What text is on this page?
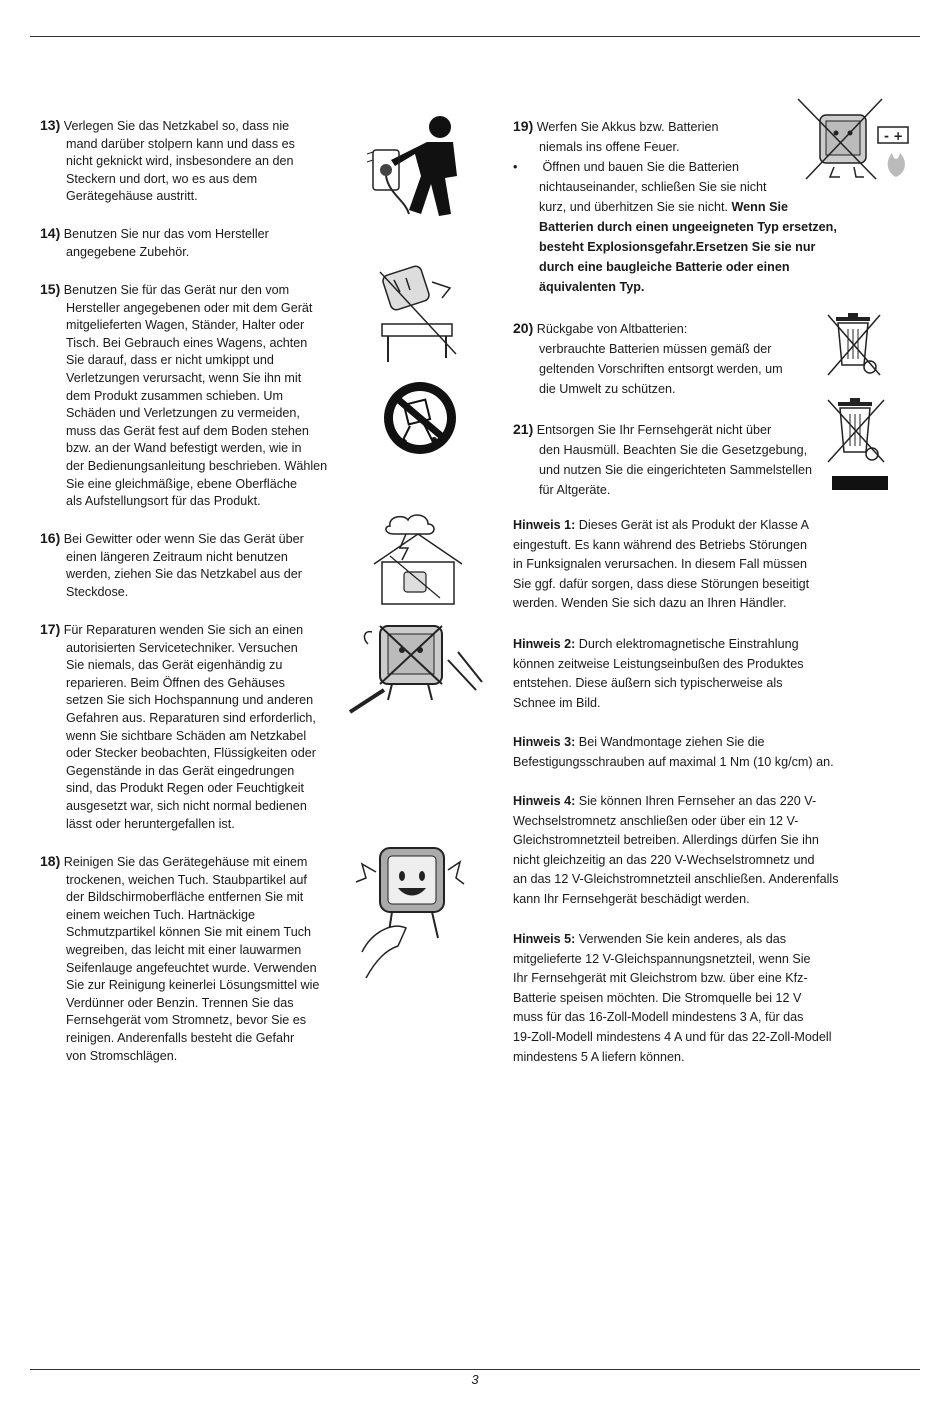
13) Verlegen Sie das Netzkabel so, dass nie

mand darüber stolpern kann und dass es

nicht geknickt wird, insbesondere an den

Steckern und dort, wo es aus dem

Gerätegehäuse austritt.

14) Benutzen Sie nur das vom Hersteller

angegebene Zubehör.

15) Benutzen Sie für das Gerät nur den vom

Hersteller angegebenen oder mit dem Gerät

mitgelieferten Wagen, Ständer, Halter oder

Tisch. Bei Gebrauch eines Wagens, achten

Sie darauf, dass er nicht umkippt und

Verletzungen verursacht, wenn Sie ihn mit

dem Produkt zusammen schieben. Um

Schäden und Verletzungen zu vermeiden,

muss das Gerät fest auf dem Boden stehen

bzw. an der Wand befestigt werden, wie in

der Bedienungsanleitung beschrieben. Wählen

Sie eine gleichmäßige, ebene Oberfläche

als Aufstellungsort für das Produkt.

16) Bei Gewitter oder wenn Sie das Gerät über

einen längeren Zeitraum nicht benutzen

werden, ziehen Sie das Netzkabel aus der

Steckdose.

17) Für Reparaturen wenden Sie sich an einen

autorisierten Servicetechniker. Versuchen

Sie niemals, das Gerät eigenhändig zu

reparieren. Beim Öffnen des Gehäuses

setzen Sie sich Hochspannung und anderen

Gefahren aus. Reparaturen sind erforderlich,

wenn Sie sichtbare Schäden am Netzkabel

oder Stecker beobachten, Flüssigkeiten oder

Gegenstände in das Gerät eingedrungen

sind, das Produkt Regen oder Feuchtigkeit

ausgesetzt war, sich nicht normal bedienen

lässt oder heruntergefallen ist.

18) Reinigen Sie das Gerätegehäuse mit einem

trockenen, weichen Tuch. Staubpartikel auf

der Bildschirmoberfläche entfernen Sie mit

einem weichen Tuch. Hartnäckige

Schmutzpartikel können Sie mit einem Tuch

wegreiben, das leicht mit einer lauwarmen

Seifenlauge angefeuchtet wurde. Verwenden

Sie zur Reinigung keinerlei Lösungsmittel wie

Verdünner oder Benzin. Trennen Sie das

Fernsehgerät vom Stromnetz, bevor Sie es

reinigen. Anderenfalls besteht die Gefahr

von Stromschlägen.

19) Werfen Sie Akkus bzw. Batterien

niemals ins offene Feuer.

• Öffnen und bauen Sie die Batterien

nichtauseinander, schließen Sie sie nicht

kurz, und überhitzen Sie sie nicht. Wenn Sie

Batterien durch einen ungeeigneten Typ ersetzen,

besteht Explosionsgefahr.Ersetzen Sie sie nur

durch eine baugleiche Batterie oder einen

äquivalenten Typ.

- +

20) Rückgabe von Altbatterien:

verbrauchte Batterien müssen gemäß der

geltenden Vorschriften entsorgt werden, um

die Umwelt zu schützen.

21) Entsorgen Sie Ihr Fernsehgerät nicht über

den Hausmüll. Beachten Sie die Gesetzgebung,

und nutzen Sie die eingerichteten Sammelstellen

für Altgeräte.

Hinweis 1: Dieses Gerät ist als Produkt der Klasse A
eingestuft. Es kann während des Betriebs Störungen
in Funksignalen verursachen. In diesem Fall müssen
Sie ggf. dafür sorgen, dass diese Störungen beseitigt
werden. Wenden Sie sich dazu an Ihren Händler.
Hinweis 2: Durch elektromagnetische Einstrahlung
können zeitweise Leistungseinbußen des Produktes
entstehen. Diese äußern sich typischerweise als
Schnee im Bild.
Hinweis 3: Bei Wandmontage ziehen Sie die
Befestigungsschrauben auf maximal 1 Nm (10 kg/cm) an.
Hinweis 4: Sie können Ihren Fernseher an das 220 V-
Wechselstromnetz anschließen oder über ein 12 V-
Gleichstromnetzteil betreiben. Allerdings dürfen Sie ihn
nicht gleichzeitig an das 220 V-Wechselstromnetz und
an das 12 V-Gleichstromnetzteil anschließen. Anderenfalls
kann Ihr Fernsehgerät beschädigt werden.
Hinweis 5: Verwenden Sie kein anderes, als das
mitgelieferte 12 V-Gleichspannungsnetzteil, wenn Sie
Ihr Fernsehgerät mit Gleichstrom bzw. über eine Kfz-
Batterie speisen möchten. Die Stromquelle bei 12 V
muss für das 16-Zoll-Modell mindestens 3 A, für das
19-Zoll-Modell mindestens 4 A und für das 22-Zoll-Modell
mindestens 5 A liefern können.
3
